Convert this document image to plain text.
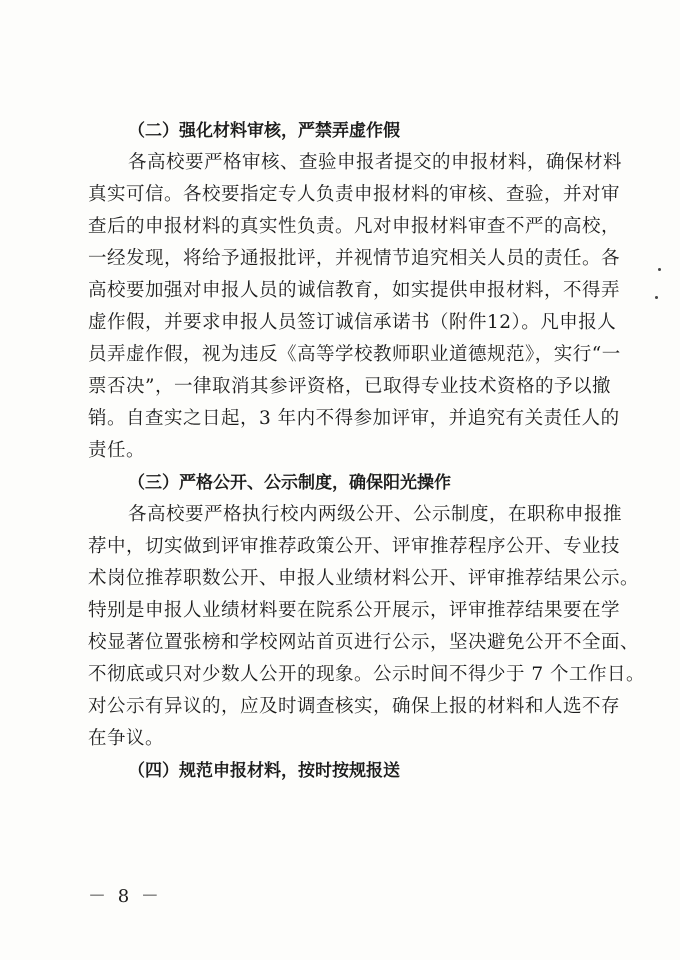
（二）强化材料审核，严禁弄虚作假
各高校要严格审核、查验申报者提交的申报材料，确保材料
真实可信。各校要指定专人负责申报材料的审核、查验，并对审
查后的申报材料的真实性负责。凡对申报材料审查不严的高校，
一经发现，将给予通报批评，并视情节追究相关人员的责任。各
高校要加强对申报人员的诚信教育，如实提供申报材料，不得弄
虚作假，并要求申报人员签订诚信承诺书（附件12）。凡申报人
员弄虚作假，视为违反《高等学校教师职业道德规范》，实行“一
票否决”，一律取消其参评资格，已取得专业技术资格的予以撤
销。自查实之日起，3 年内不得参加评审，并追究有关责任人的
责任。
（三）严格公开、公示制度，确保阳光操作
各高校要严格执行校内两级公开、公示制度，在职称申报推
荐中，切实做到评审推荐政策公开、评审推荐程序公开、专业技
术岗位推荐职数公开、申报人业绩材料公开、评审推荐结果公示。
特别是申报人业绩材料要在院系公开展示，评审推荐结果要在学
校显著位置张榜和学校网站首页进行公示，坚决避免公开不全面、
不彻底或只对少数人公开的现象。公示时间不得少于 7 个工作日。
对公示有异议的，应及时调查核实，确保上报的材料和人选不存
在争议。
（四）规范申报材料，按时按规报送
－ 8 －
